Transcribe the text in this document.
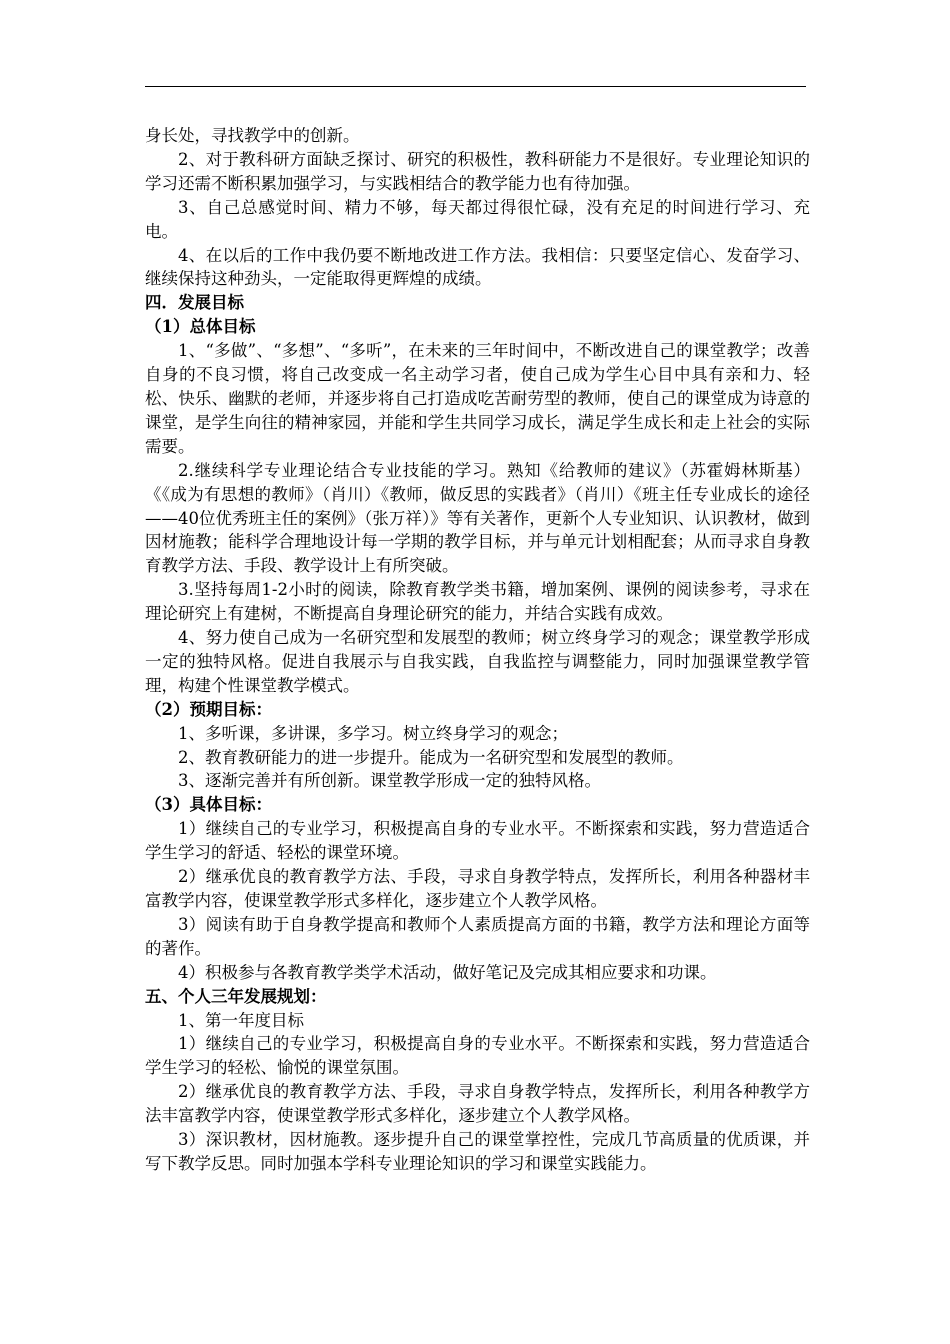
身长处，寻找教学中的创新。

2、对于教科研方面缺乏探讨、研究的积极性，教科研能力不是很好。专业理论知识的学习还需不断积累加强学习，与实践相结合的教学能力也有待加强。

3、自己总感觉时间、精力不够，每天都过得很忙碌，没有充足的时间进行学习、充电。

4、在以后的工作中我仍要不断地改进工作方法。我相信：只要坚定信心、发奋学习、继续保持这种劲头，一定能取得更辉煌的成绩。

四．发展目标

（1）总体目标

1、“多做”、“多想”、“多听”，在未来的三年时间中，不断改进自己的课堂教学；改善自身的不良习惯，将自己改变成一名主动学习者，使自己成为学生心目中具有亲和力、轻松、快乐、幽默的老师，并逐步将自己打造成吃苦耐劳型的教师，使自己的课堂成为诗意的课堂，是学生向往的精神家园，并能和学生共同学习成长，满足学生成长和走上社会的实际需要。

2.继续科学专业理论结合专业技能的学习。熟知《给教师的建议》（苏霍姆林斯基）《《成为有思想的教师》（肖川）《教师，做反思的实践者》（肖川）《班主任专业成长的途径——40位优秀班主任的案例》（张万祥）》等有关著作，更新个人专业知识、认识教材，做到因材施教；能科学合理地设计每一学期的教学目标，并与单元计划相配套；从而寻求自身教育教学方法、手段、教学设计上有所突破。

3.坚持每周1-2小时的阅读，除教育教学类书籍，增加案例、课例的阅读参考，寻求在理论研究上有建树，不断提高自身理论研究的能力，并结合实践有成效。

4、努力使自己成为一名研究型和发展型的教师；树立终身学习的观念；课堂教学形成一定的独特风格。促进自我展示与自我实践，自我监控与调整能力，同时加强课堂教学管理，构建个性课堂教学模式。

（2）预期目标：

1、多听课，多讲课，多学习。树立终身学习的观念；

2、教育教研能力的进一步提升。能成为一名研究型和发展型的教师。

3、逐渐完善并有所创新。课堂教学形成一定的独特风格。

（3）具体目标：

1）继续自己的专业学习，积极提高自身的专业水平。不断探索和实践，努力营造适合学生学习的舒适、轻松的课堂环境。

2）继承优良的教育教学方法、手段，寻求自身教学特点，发挥所长，利用各种器材丰富教学内容，使课堂教学形式多样化，逐步建立个人教学风格。

3）阅读有助于自身教学提高和教师个人素质提高方面的书籍，教学方法和理论方面等的著作。

4）积极参与各教育教学类学术活动，做好笔记及完成其相应要求和功课。

五、个人三年发展规划：

1、第一年度目标

1）继续自己的专业学习，积极提高自身的专业水平。不断探索和实践，努力营造适合学生学习的轻松、愉悦的课堂氛围。

2）继承优良的教育教学方法、手段，寻求自身教学特点，发挥所长，利用各种教学方法丰富教学内容，使课堂教学形式多样化，逐步建立个人教学风格。

3）深识教材，因材施教。逐步提升自己的课堂掌控性，完成几节高质量的优质课，并写下教学反思。同时加强本学科专业理论知识的学习和课堂实践能力。
